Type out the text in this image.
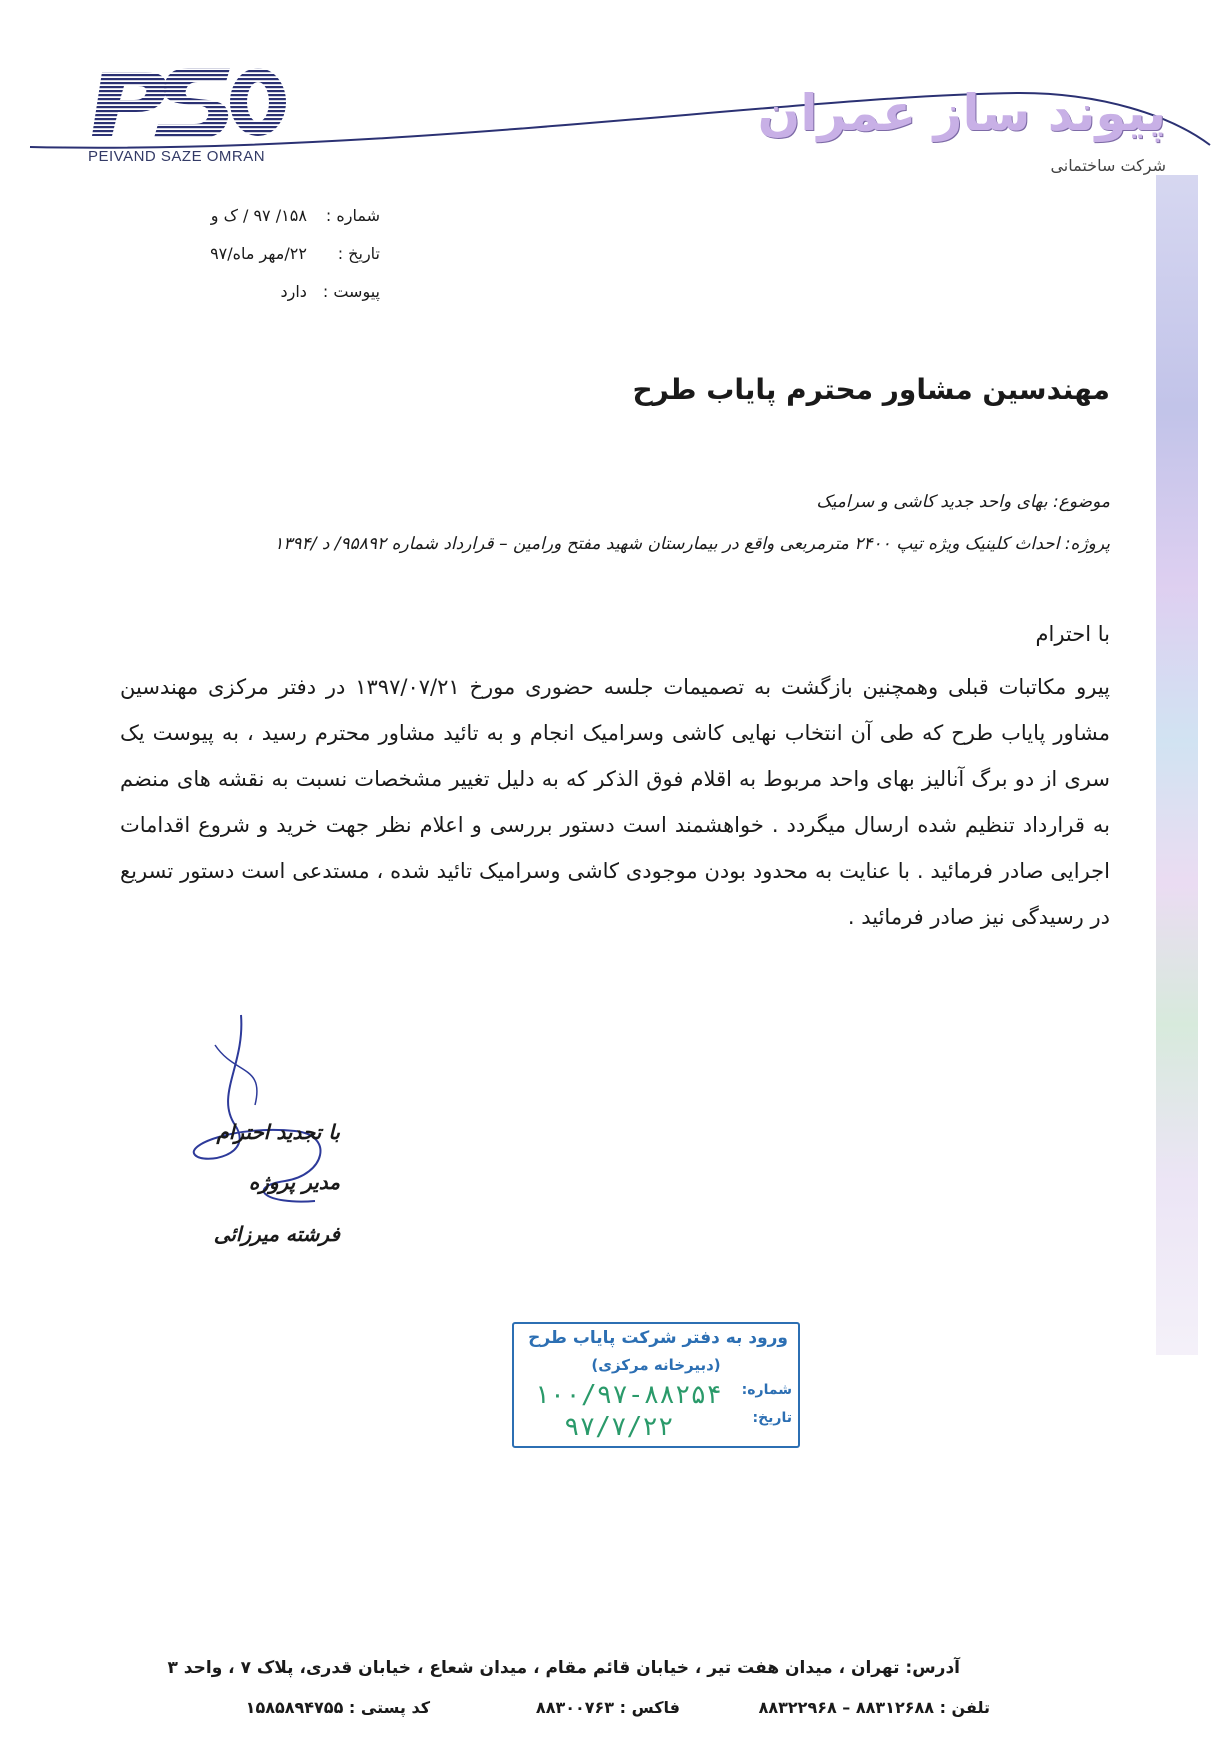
PEIVAND SAZE OMRAN
پیوند ساز عمران
شرکت ساختمانی
شماره : ۱۵۸/ ۹۷ / ک و
تاریخ : ۲۲/مهر ماه/۹۷
پیوست : دارد
مهندسین مشاور محترم پایاب طرح
موضوع: بهای واحد جدید کاشی و سرامیک
پروژه: احداث کلینیک ویژه تیپ ۲۴۰۰ مترمربعی واقع در بیمارستان شهید مفتح ورامین – قرارداد شماره ۹۵۸۹۲/ د /۱۳۹۴
با احترام
پیرو مکاتبات قبلی وهمچنین بازگشت به تصمیمات جلسه حضوری مورخ ۱۳۹۷/۰۷/۲۱ در دفتر مرکزی مهندسین مشاور پایاب طرح که طی آن انتخاب نهایی کاشی وسرامیک انجام و به تائید مشاور محترم رسید ، به پیوست یک سری از دو برگ آنالیز بهای واحد مربوط به اقلام فوق الذکر که به دلیل تغییر مشخصات نسبت به نقشه های منضم به قرارداد تنظیم شده ارسال میگردد . خواهشمند است دستور بررسی و اعلام نظر جهت خرید و شروع اقدامات اجرایی صادر فرمائید . با عنایت به محدود بودن موجودی کاشی وسرامیک تائید شده ، مستدعی است دستور تسریع در رسیدگی نیز صادر فرمائید .
با تجدید احترام
مدیر پروژه
فرشته میرزائی
ورود به دفتر شرکت پایاب طرح
(دبیرخانه مرکزی)
شماره:
۱۰۰/۹۷-۸۸۲۵۴
تاریخ:
۹۷/۷/۲۲
آدرس: تهران ، میدان هفت تیر ، خیابان قائم مقام ، میدان شعاع ، خیابان قدری، پلاک ۷ ، واحد ۳
تلفن : ۸۸۳۱۲۶۸۸ – ۸۸۳۲۲۹۶۸
فاکس : ۸۸۳۰۰۷۶۳
کد پستی : ۱۵۸۵۸۹۴۷۵۵
